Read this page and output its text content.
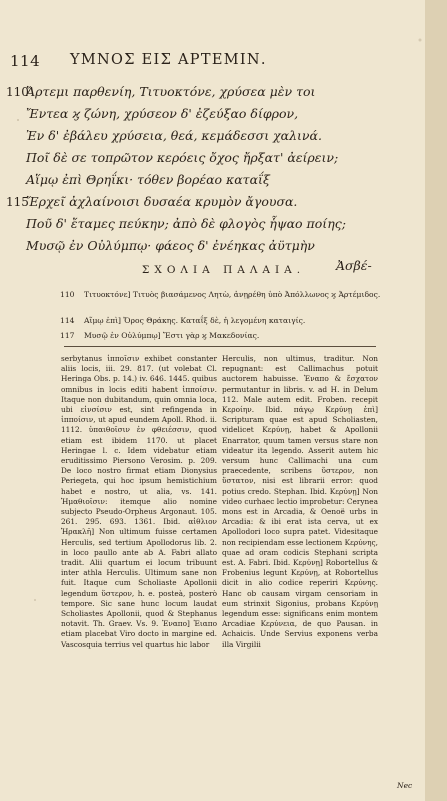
114 ΥΜΝΟΣ ΕΙΣ ΑΡΤΕΜΙΝ.
110Ἄρτεμι παρθενίη, Τιτυοκτόνε, χρύσεα μὲν τοι
Ἔντεα ϗ ζώνη, χρύσεον δ' ἐζεύξαο δίφρον,
Ἐν δ' ἐβάλευ χρύσεια, θεά, κεμάδεσσι χαλινά.
Ποῖ δὲ σε τοπρῶτον κερόεις ὄχος ἤρξατ' ἀείρειν;
Αἵμῳ ἐπὶ Θρηΐκι· τόθεν βορέαο καταΐξ
115Ἔρχεῖ ἀχλαίνοισι δυσαέα κρυμὸν ἄγουσα.
Ποῦ δ' ἔταμες πεύκην; ἀπὸ δὲ φλογὸς ἧψαο ποίης;
Μυσῷ ἐν Οὐλύμπῳ· φάεος δ' ἐνέηκας ἀϋτμὴν
Ἀσβέ-
ΣΧΟΛΙΑ ΠΑΛΑΙΑ.
110 Τιτυοκτόνε] Τιτυὸς βιασάμενος Λητὼ, ἀνῃρέθη ὑπὸ Ἀπόλλωνος ϗ Ἀρτέμιδος.
114 Αἵμῳ ἐπὶ] Ὄρος Θράκης. Καταΐξ δὲ, ἡ λεγομένη καταιγίς.
117 Μυσῷ ἐν Οὐλύμπῳ] Ἔστι γὰρ ϗ Μακεδονίας.
serbytanus ἱπποῖσιν exhibet constanter aliis locis, iii. 29. 817. (ut volebat Cl. Heringa Obs. p. 14.) iv. 646. 1445. quibus omnibus in locis editi habent ἱπποίσιν. Itaque non dubitandum, quin omnia loca, ubi εἰνσίσιν est, sint refingenda in ἱπποίσιν, ut apud eundem Apoll. Rhod. ii. 1112. ὑπαιθοῖσιν ἐν φθειέσσιν, quod etiam est ibidem 1170. ut placet Heringae l. c. Idem videbatur etiam eruditissimo Piersono Verosim. p. 209. De loco nostro firmat etiam Dionysius Periegeta, qui hoc ipsum hemistichium habet e nostro, ut alia, vs. 141. Ἠμαθιοῖσιν: itemque alio nomine subjecto Pseudo-Orpheus Argonaut. 105. 261. 295. 693. 1361. Ibid. αἰθλιον Ἡρακλῆ] Non ultimum fuisse certamen Herculis, sed tertium Apollodorus lib. 2. in loco paullo ante ab A. Fabri allato tradit. Alii quartum ei locum tribuunt inter athla Herculis. Ultimum sane non fuit. Itaque cum Scholiaste Apollonii legendum ὕστερον, h. e. posteà, posterò tempore. Sic sane hunc locum laudat Scholiastes Apollonii, quod & Stephanus notavit. Th. Graev. Vs. 9. Ἐναπο] Ἐιαπο etiam placebat Viro docto in margine ed. Vascosquia terrius vel quartus hic labor
Herculis, non ultimus, traditur. Non repugnant: est Callimachus potuit auctorem habuisse. Ἐναπο & ἔσχατον permutantur in libris. v. ad H. in Delum 112. Male autem edit. Froben. recepit Κεροίην. Ibid. πάγῳ Κερύνῃ ἐπὶ] Scripturam quae est apud Scholiasten, videlicet Κερύνῃ, habet & Apollonii Enarrator, quum tamen versus stare non videatur ita legendo. Asserit autem hic versum hunc Callimachi una cum praecedente, scribens ὕστερον, non ὕστατον, nisi est librarii error: quod potius credo. Stephan. Ibid. Κερύνῃ] Non video curhaec lectio improbetur: Cerynea mons est in Arcadia, & Oenoë urbs in Arcadia: & ibi erat ista cerva, ut ex Apollodori loco supra patet. Videsitaque non recipiendam esse lectionem Κερύνης, quae ad oram codicis Stephani scripta est. A. Fabri. Ibid. Κερύνῃ] Robortellus & Frobenius legunt Κερύνῃ, at Robortellus dicit in alio codice reperiri Κερύνης. Hanc ob causam virgam censoriam in eum strinxit Sigonius, probans Κερύνῃ legendum esse: significans enim montem Arcadiae Κερύνεια, de quo Pausan. in Achaicis. Unde Servius exponens verba illa Virgilii
Nec
